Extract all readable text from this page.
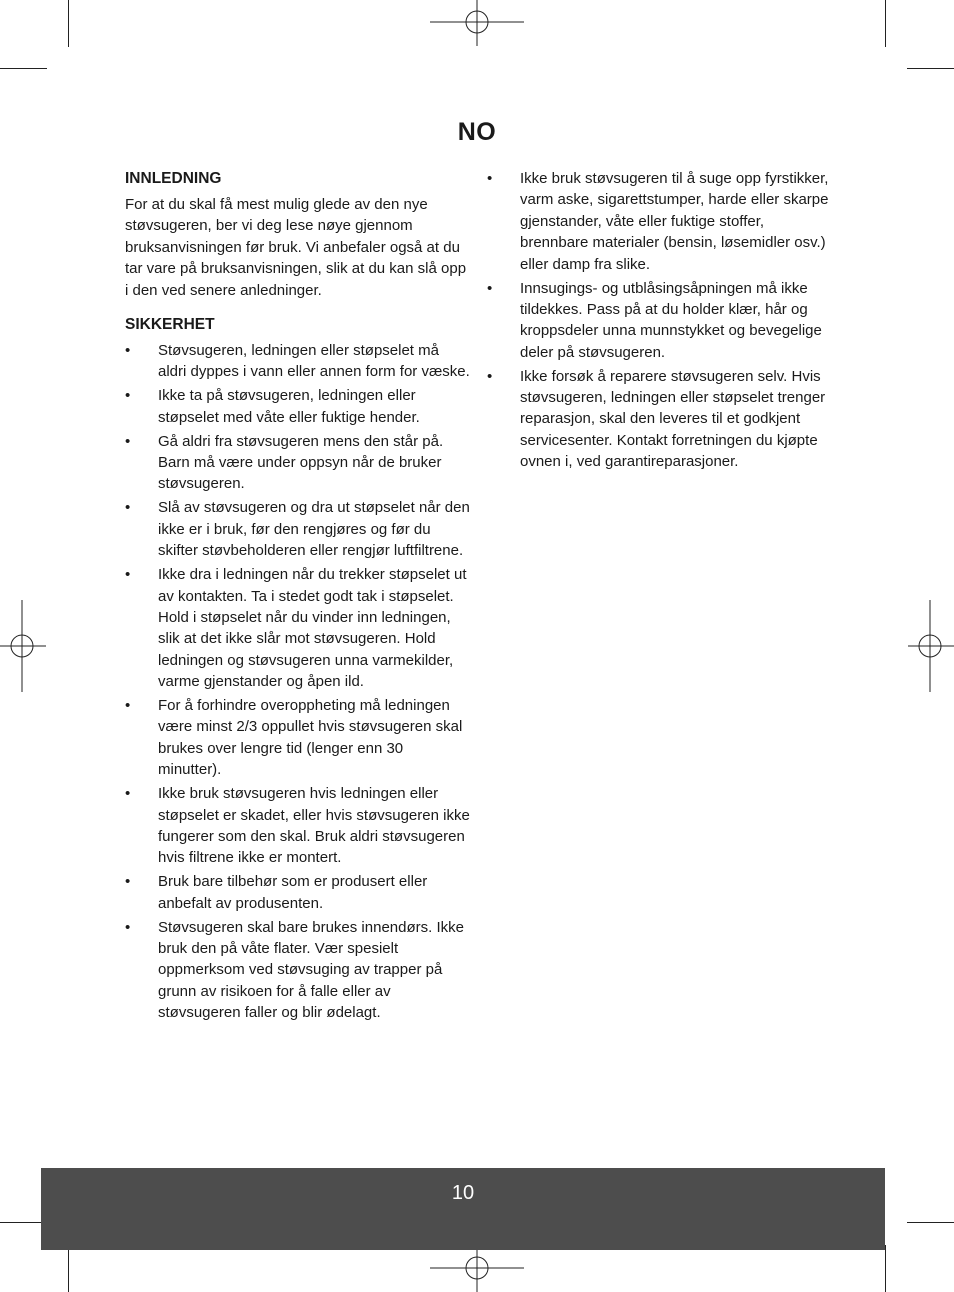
NO
INNLEDNING

For at du skal få mest mulig glede av den nye støvsugeren, ber vi deg lese nøye gjennom bruksanvisningen før bruk. Vi anbefaler også at du tar vare på bruksanvisningen, slik at du kan slå opp i den ved senere anledninger.

SIKKERHET
• Støvsugeren, ledningen eller støpselet må aldri dyppes i vann eller annen form for væske.
• Ikke ta på støvsugeren, ledningen eller støpselet med våte eller fuktige hender.
• Gå aldri fra støvsugeren mens den står på. Barn må være under oppsyn når de bruker støvsugeren.
• Slå av støvsugeren og dra ut støpselet når den ikke er i bruk, før den rengjøres og før du skifter støvbeholderen eller rengjør luftfiltrene.
• Ikke dra i ledningen når du trekker støpselet ut av kontakten. Ta i stedet godt tak i støpselet. Hold i støpselet når du vinder inn ledningen, slik at det ikke slår mot støvsugeren. Hold ledningen og støvsugeren unna varmekilder, varme gjenstander og åpen ild.
• For å forhindre overoppheting må ledningen være minst 2/3 oppullet hvis støvsugeren skal brukes over lengre tid (lenger enn 30 minutter).
• Ikke bruk støvsugeren hvis ledningen eller støpselet er skadet, eller hvis støvsugeren ikke fungerer som den skal. Bruk aldri støvsugeren hvis filtrene ikke er montert.
• Bruk bare tilbehør som er produsert eller anbefalt av produsenten.
• Støvsugeren skal bare brukes innendørs. Ikke bruk den på våte flater. Vær spesielt oppmerksom ved støvsuging av trapper på grunn av risikoen for å falle eller av støvsugeren faller og blir ødelagt.
• Ikke bruk støvsugeren til å suge opp fyrstikker, varm aske, sigarettstumper, harde eller skarpe gjenstander, våte eller fuktige stoffer, brennbare materialer (bensin, løsemidler osv.) eller damp fra slike.
• Innsugings- og utblåsingsåpningen må ikke tildekkes. Pass på at du holder klær, hår og kroppsdeler unna munnstykket og bevegelige deler på støvsugeren.
• Ikke forsøk å reparere støvsugeren selv. Hvis støvsugeren, ledningen eller støpselet trenger reparasjon, skal den leveres til et godkjent servicesenter. Kontakt forretningen du kjøpte ovnen i, ved garantireparasjoner.
10
